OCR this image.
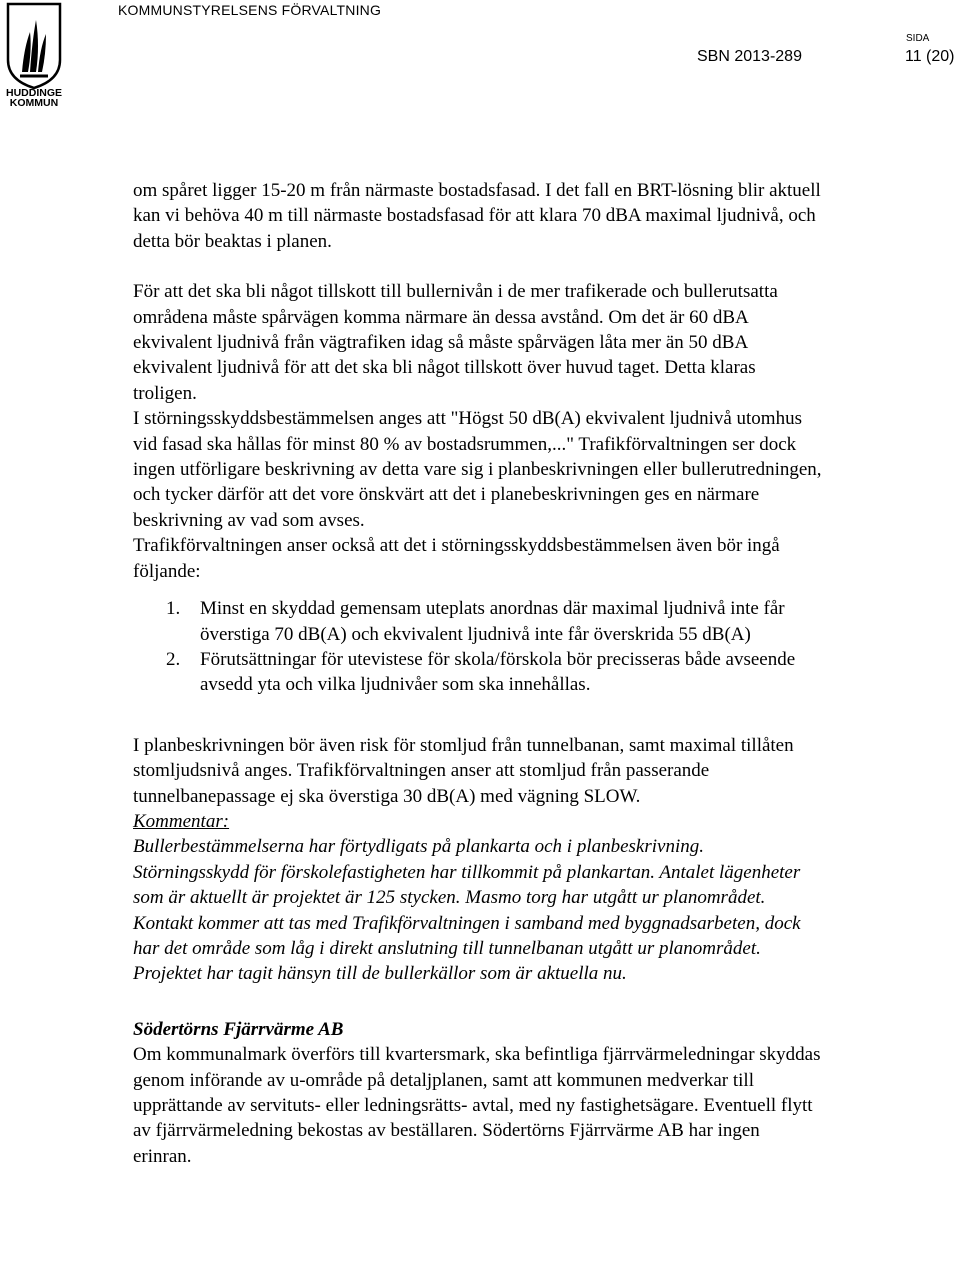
HUDDINGE
KOMMUN
KOMMUNSTYRELSENS FÖRVALTNING
SIDA
SBN 2013-289	11 (20)

om spåret ligger 15-20 m från närmaste bostadsfasad. I det fall en BRT-lösning blir aktuell kan vi behöva 40 m till närmaste bostadsfasad för att klara 70 dBA maximal ljudnivå, och detta bör beaktas i planen.

För att det ska bli något tillskott till bullernivån i de mer trafikerade och bullerutsatta områdena måste spårvägen komma närmare än dessa avstånd. Om det är 60 dBA ekvivalent ljudnivå från vägtrafiken idag så måste spårvägen låta mer än 50 dBA ekvivalent ljudnivå för att det ska bli något tillskott över huvud taget. Detta klaras troligen.

I störningsskyddsbestämmelsen anges att "Högst 50 dB(A) ekvivalent ljudnivå utomhus vid fasad ska hållas för minst 80 % av bostadsrummen,..." Trafikförvaltningen ser dock ingen utförligare beskrivning av detta vare sig i planbeskrivningen eller bullerutredningen, och tycker därför att det vore önskvärt att det i planebeskrivningen ges en närmare beskrivning av vad som avses.

Trafikförvaltningen anser också att det i störningsskyddsbestämmelsen även bör ingå följande:

1. Minst en skyddad gemensam uteplats anordnas där maximal ljudnivå inte får överstiga 70 dB(A) och ekvivalent ljudnivå inte får överskrida 55 dB(A)
2. Förutsättningar för utevistese för skola/förskola bör precisseras både avseende avsedd yta och vilka ljudnivåer som ska innehållas.

I planbeskrivningen bör även risk för stomljud från tunnelbanan, samt maximal tillåten stomljudsnivå anges. Trafikförvaltningen anser att stomljud från passerande tunnelbanepassage ej ska överstiga 30 dB(A) med vägning SLOW.

Kommentar:

Bullerbestämmelserna har förtydligats på plankarta och i planbeskrivning. Störningsskydd för förskolefastigheten har tillkommit på plankartan. Antalet lägenheter som är aktuellt är projektet är 125 stycken. Masmo torg har utgått ur planområdet. Kontakt kommer att tas med Trafikförvaltningen i samband med byggnadsarbeten, dock har det område som låg i direkt anslutning till tunnelbanan utgått ur planområdet. Projektet har tagit hänsyn till de bullerkällor som är aktuella nu.

Södertörns Fjärrvärme AB

Om kommunalmark överförs till kvartersmark, ska befintliga fjärrvärmeledningar skyddas genom införande av u-område på detaljplanen, samt att kommunen medverkar till upprättande av servituts- eller ledningsrätts- avtal, med ny fastighetsägare. Eventuell flytt av fjärrvärmeledning bekostas av beställaren. Södertörns Fjärrvärme AB har ingen erinran.
